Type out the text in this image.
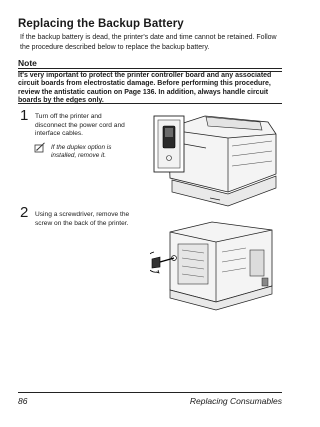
Replacing the Backup Battery
If the backup battery is dead, the printer's date and time cannot be retained. Follow the procedure described below to replace the backup battery.
Note
It's very important to protect the printer controller board and any associated circuit boards from electrostatic damage. Before performing this procedure, review the antistatic caution on Page 136. In addition, always handle circuit boards by the edges only.
1 Turn off the printer and disconnect the power cord and interface cables.
If the duplex option is installed, remove it.
2 Using a screwdriver, remove the screw on the back of the printer.
86	Replacing Consumables
